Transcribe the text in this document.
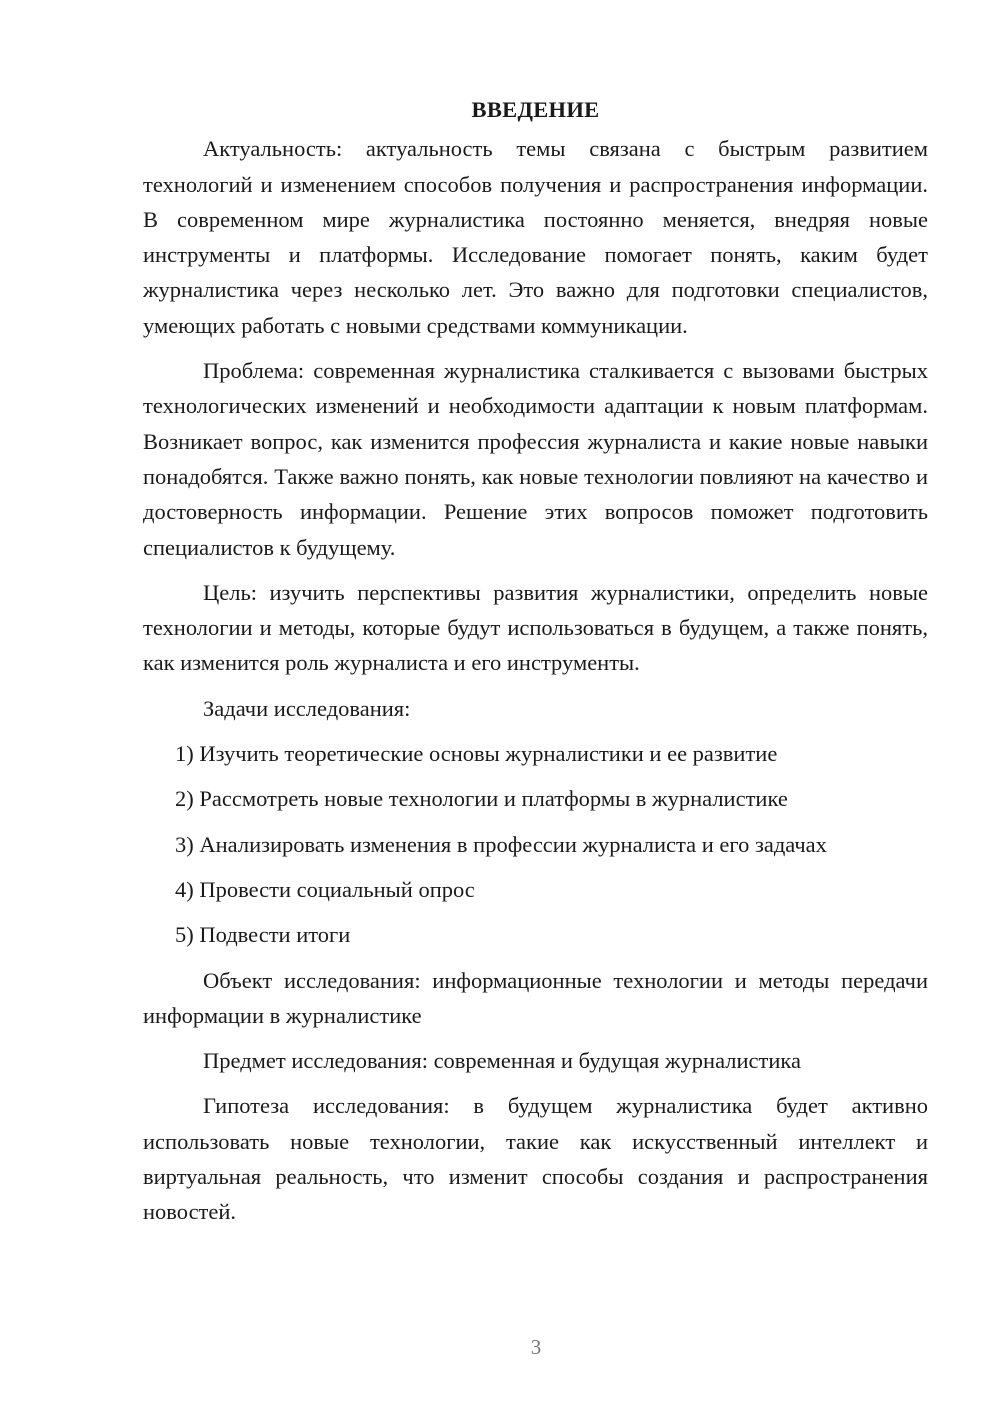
ВВЕДЕНИЕ

Актуальность: актуальность темы связана с быстрым развитием технологий и изменением способов получения и распространения информации. В современном мире журналистика постоянно меняется, внедряя новые инструменты и платформы. Исследование помогает понять, каким будет журналистика через несколько лет. Это важно для подготовки специалистов, умеющих работать с новыми средствами коммуникации.

Проблема: современная журналистика сталкивается с вызовами быстрых технологических изменений и необходимости адаптации к новым платформам. Возникает вопрос, как изменится профессия журналиста и какие новые навыки понадобятся. Также важно понять, как новые технологии повлияют на качество и достоверность информации. Решение этих вопросов поможет подготовить специалистов к будущему.

Цель: изучить перспективы развития журналистики, определить новые технологии и методы, которые будут использоваться в будущем, а также понять, как изменится роль журналиста и его инструменты.

Задачи исследования:

1) Изучить теоретические основы журналистики и ее развитие
2) Рассмотреть новые технологии и платформы в журналистике
3) Анализировать изменения в профессии журналиста и его задачах
4) Провести социальный опрос
5) Подвести итоги

Объект исследования: информационные технологии и методы передачи информации в журналистике

Предмет исследования: современная и будущая журналистика

Гипотеза исследования: в будущем журналистика будет активно использовать новые технологии, такие как искусственный интеллект и виртуальная реальность, что изменит способы создания и распространения новостей.

3
